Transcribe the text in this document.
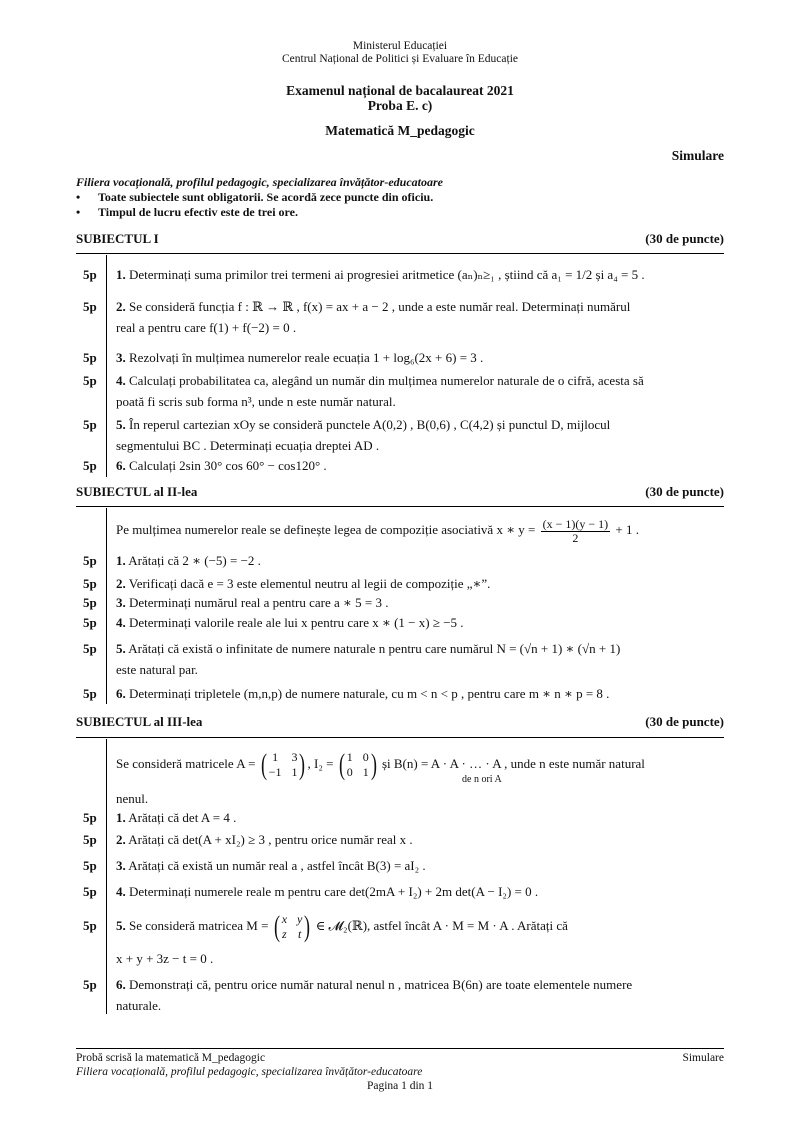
Ministerul Educației
Centrul Național de Politici și Evaluare în Educație
Examenul național de bacalaureat 2021
Proba E. c)
Matematică M_pedagogic
Simulare
Filiera vocațională, profilul pedagogic, specializarea învățător-educatoare
•	Toate subiectele sunt obligatorii. Se acordă zece puncte din oficiu.
•	Timpul de lucru efectiv este de trei ore.
SUBIECTUL I	(30 de puncte)
5p	1. Determinați suma primilor trei termeni ai progresiei aritmetice (aₙ)ₙ≥₁ , știind că a₁ = 1/2 și a₄ = 5 .
5p	2. Se consideră funcția f : ℝ → ℝ , f(x) = ax + a − 2 , unde a este număr real. Determinați numărul
real a pentru care f(1) + f(−2) = 0 .
5p	3. Rezolvați în mulțimea numerelor reale ecuația 1 + log₆(2x + 6) = 3 .
5p	4. Calculați probabilitatea ca, alegând un număr din mulțimea numerelor naturale de o cifră, acesta să
poată fi scris sub forma n³, unde n este număr natural.
5p	5. În reperul cartezian xOy se consideră punctele A(0,2) , B(0,6) , C(4,2) și punctul D, mijlocul
segmentului BC . Determinați ecuația dreptei AD .
5p	6. Calculați 2sin 30° cos 60° − cos120° .
SUBIECTUL al II-lea	(30 de puncte)
Pe mulțimea numerelor reale se definește legea de compoziție asociativă x ∗ $y = \frac{(x - 1)(y - 1)}{2} + 1$ .
5p	1. Arătați că 2 ∗ (−5) = −2 .
5p	2. Verificați dacă e = 3 este elementul neutru al legii de compoziție „∗”.
5p	3. Determinați numărul real a pentru care a ∗ 5 = 3 .
5p	4. Determinați valorile reale ale lui x pentru care x ∗ (1 − x) ≥ −5 .
5p	5. Arătați că există o infinitate de numere naturale n pentru care numărul N = (√n + 1) ∗ (√n + 1)
este natural par.
5p	6. Determinați tripletele (m,n,p) de numere naturale, cu m < n < p , pentru care m ∗ n ∗ p = 8 .
SUBIECTUL al III-lea	(30 de puncte)
Se consideră matricele A = ( 1 3
−1 1 ) , I₂ = ( 1 0
0 1 ) și B(n) = A · A · … · A , unde n este număr natural
de n ori A
nenul.
5p	1. Arătați că det A = 4 .
5p	2. Arătați că det(A + xI₂) ≥ 3 , pentru orice număr real x .
5p	3. Arătați că există un număr real a , astfel încât B(3) = aI₂ .
5p	4. Determinați numerele reale m pentru care det(2mA + I₂) + 2m det(A − I₂) = 0 .
5p	5. Se consideră matricea M = ( x y
z t ) ∈ 𝓜₂(ℝ), astfel încât A · M = M · A . Arătați că
x + y + 3z − t = 0 .
5p	6. Demonstrați că, pentru orice număr natural nenul n , matricea B(6n) are toate elementele numere
naturale.
Probă scrisă la matematică M_pedagogic	Simulare
Filiera vocațională, profilul pedagogic, specializarea învățător-educatoare
Pagina 1 din 1
